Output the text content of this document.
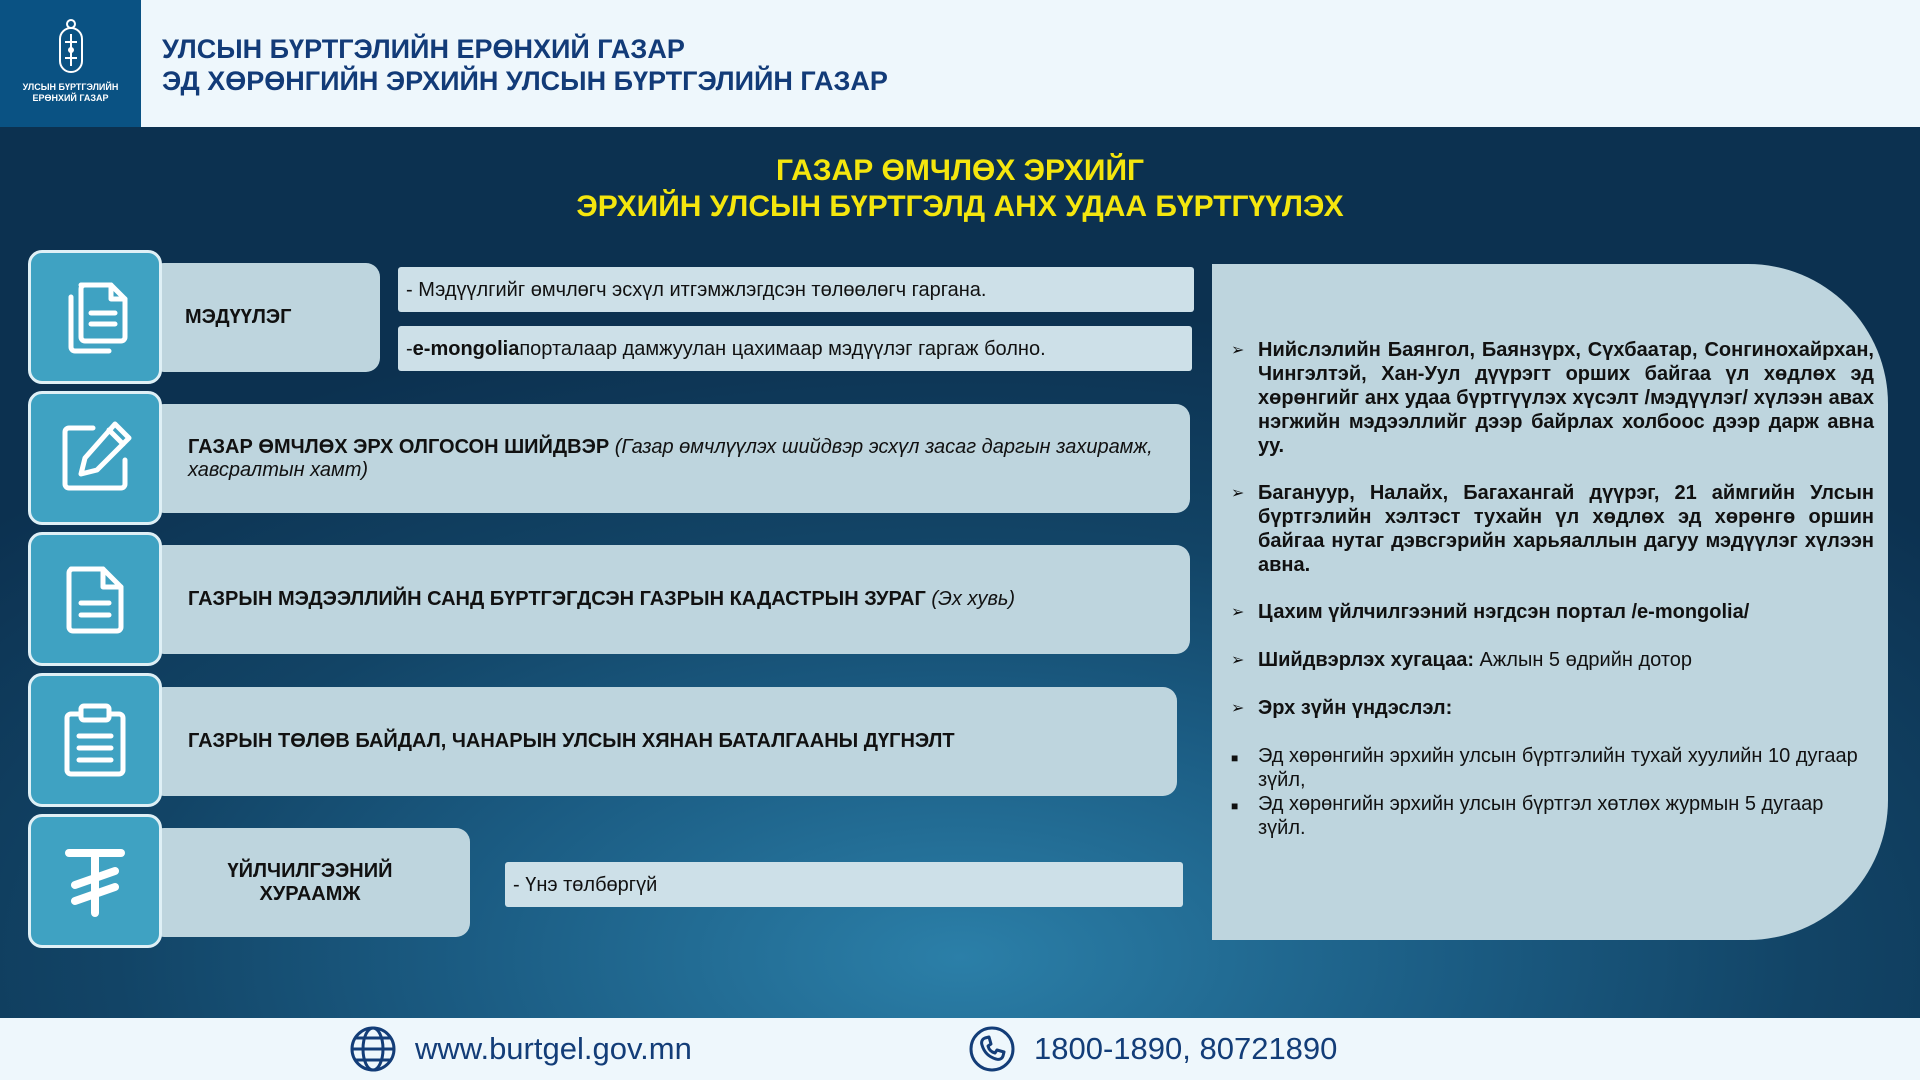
УЛСЫН БҮРТГЭЛИЙН
ЕРӨНХИЙ ГАЗАР
УЛСЫН БҮРТГЭЛИЙН ЕРӨНХИЙ ГАЗАР
ЭД ХӨРӨНГИЙН ЭРХИЙН УЛСЫН БҮРТГЭЛИЙН ГАЗАР
ГАЗАР ӨМЧЛӨХ ЭРХИЙГ
ЭРХИЙН УЛСЫН БҮРТГЭЛД АНХ УДАА БҮРТГҮҮЛЭХ
МЭДҮҮЛЭГ
- Мэдүүлгийг өмчлөгч эсхүл итгэмжлэгдсэн төлөөлөгч гаргана.
- e-mongolia порталаар дамжуулан цахимаар мэдүүлэг гаргаж болно.
ГАЗАР ӨМЧЛӨХ ЭРХ ОЛГОСОН ШИЙДВЭР (Газар өмчлүүлэх шийдвэр эсхүл засаг даргын захирамж, хавсралтын хамт)
ГАЗРЫН МЭДЭЭЛЛИЙН САНД БҮРТГЭГДСЭН ГАЗРЫН КАДАСТРЫН ЗУРАГ (Эх хувь)
ГАЗРЫН ТӨЛӨВ БАЙДАЛ, ЧАНАРЫН УЛСЫН ХЯНАН БАТАЛГААНЫ ДҮГНЭЛТ
ҮЙЛЧИЛГЭЭНИЙ
ХУРААМЖ	- Үнэ төлбөргүй
➢ Нийслэлийн Баянгол, Баянзүрх, Сүхбаатар, Сонгинохайрхан, Чингэлтэй, Хан-Уул дүүрэгт орших байгаа үл хөдлөх эд хөрөнгийг анх удаа бүртгүүлэх хүсэлт /мэдүүлэг/ хүлээн авах нэгжийн мэдээллийг дээр байрлах холбоос дээр дарж авна уу.
➢ Багануур, Налайх, Багахангай дүүрэг, 21 аймгийн Улсын бүртгэлийн хэлтэст тухайн үл хөдлөх эд хөрөнгө оршин байгаа нутаг дэвсгэрийн харьяаллын дагуу мэдүүлэг хүлээн авна.
➢ Цахим үйлчилгээний нэгдсэн портал /e-mongolia/
➢ Шийдвэрлэх хугацаа: Ажлын 5 өдрийн дотор
➢ Эрх зүйн үндэслэл:
■ Эд хөрөнгийн эрхийн улсын бүртгэлийн тухай хуулийн 10 дугаар зүйл,
■ Эд хөрөнгийн эрхийн улсын бүртгэл хөтлөх журмын 5 дугаар зүйл.
www.burtgel.gov.mn	1800-1890, 80721890
